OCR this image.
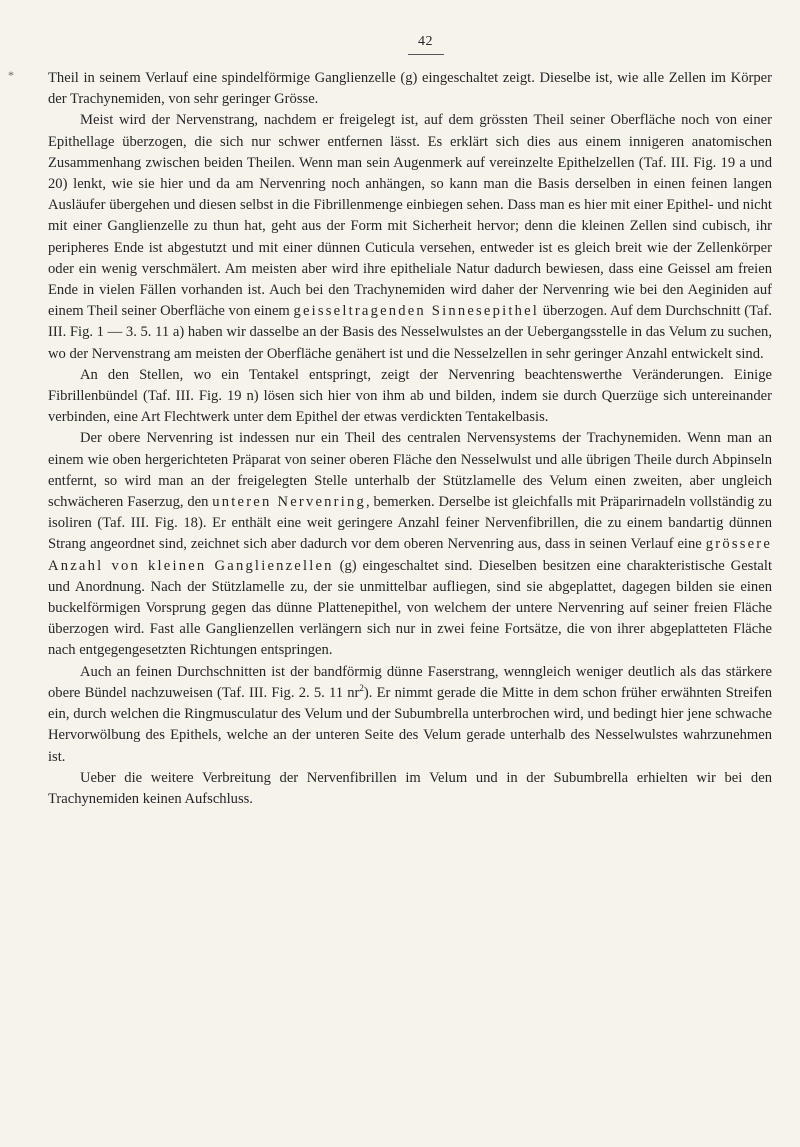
*
42

Theil in seinem Verlauf eine spindelförmige Ganglienzelle (g) eingeschaltet zeigt. Dieselbe ist, wie alle Zellen im Körper der Trachynemiden, von sehr geringer Grösse.

Meist wird der Nervenstrang, nachdem er freigelegt ist, auf dem grössten Theil seiner Oberfläche noch von einer Epithellage überzogen, die sich nur schwer entfernen lässt. Es erklärt sich dies aus einem innigeren anatomischen Zusammenhang zwischen beiden Theilen. Wenn man sein Augenmerk auf vereinzelte Epithelzellen (Taf. III. Fig. 19 a und 20) lenkt, wie sie hier und da am Nervenring noch anhängen, so kann man die Basis derselben in einen feinen langen Ausläufer übergehen und diesen selbst in die Fibrillenmenge einbiegen sehen. Dass man es hier mit einer Epithel- und nicht mit einer Ganglienzelle zu thun hat, geht aus der Form mit Sicherheit hervor; denn die kleinen Zellen sind cubisch, ihr peripheres Ende ist abgestutzt und mit einer dünnen Cuticula versehen, entweder ist es gleich breit wie der Zellenkörper oder ein wenig verschmälert. Am meisten aber wird ihre epitheliale Natur dadurch bewiesen, dass eine Geissel am freien Ende in vielen Fällen vorhanden ist. Auch bei den Trachynemiden wird daher der Nervenring wie bei den Aeginiden auf einem Theil seiner Oberfläche von einem geisseltragenden Sinnesepithel überzogen. Auf dem Durchschnitt (Taf. III. Fig. 1 — 3. 5. 11 a) haben wir dasselbe an der Basis des Nesselwulstes an der Uebergangsstelle in das Velum zu suchen, wo der Nervenstrang am meisten der Oberfläche genähert ist und die Nesselzellen in sehr geringer Anzahl entwickelt sind.

An den Stellen, wo ein Tentakel entspringt, zeigt der Nervenring beachtenswerthe Veränderungen. Einige Fibrillenbündel (Taf. III. Fig. 19 n) lösen sich hier von ihm ab und bilden, indem sie durch Querzüge sich untereinander verbinden, eine Art Flechtwerk unter dem Epithel der etwas verdickten Tentakelbasis.

Der obere Nervenring ist indessen nur ein Theil des centralen Nervensystems der Trachynemiden. Wenn man an einem wie oben hergerichteten Präparat von seiner oberen Fläche den Nesselwulst und alle übrigen Theile durch Abpinseln entfernt, so wird man an der freigelegten Stelle unterhalb der Stützlamelle des Velum einen zweiten, aber ungleich schwächeren Faserzug, den unteren Nervenring, bemerken. Derselbe ist gleichfalls mit Präparirnadeln vollständig zu isoliren (Taf. III. Fig. 18). Er enthält eine weit geringere Anzahl feiner Nervenfibrillen, die zu einem bandartig dünnen Strang angeordnet sind, zeichnet sich aber dadurch vor dem oberen Nervenring aus, dass in seinen Verlauf eine grössere Anzahl von kleinen Ganglienzellen (g) eingeschaltet sind. Dieselben besitzen eine charakteristische Gestalt und Anordnung. Nach der Stützlamelle zu, der sie unmittelbar aufliegen, sind sie abgeplattet, dagegen bilden sie einen buckelförmigen Vorsprung gegen das dünne Plattenepithel, von welchem der untere Nervenring auf seiner freien Fläche überzogen wird. Fast alle Ganglienzellen verlängern sich nur in zwei feine Fortsätze, die von ihrer abgeplatteten Fläche nach entgegengesetzten Richtungen entspringen.

Auch an feinen Durchschnitten ist der bandförmig dünne Faserstrang, wenngleich weniger deutlich als das stärkere obere Bündel nachzuweisen (Taf. III. Fig. 2. 5. 11 $nr^2$). Er nimmt gerade die Mitte in dem schon früher erwähnten Streifen ein, durch welchen die Ringmusculatur des Velum und der Subumbrella unterbrochen wird, und bedingt hier jene schwache Hervorwölbung des Epithels, welche an der unteren Seite des Velum gerade unterhalb des Nesselwulstes wahrzunehmen ist.

Ueber die weitere Verbreitung der Nervenfibrillen im Velum und in der Subumbrella erhielten wir bei den Trachynemiden keinen Aufschluss.
